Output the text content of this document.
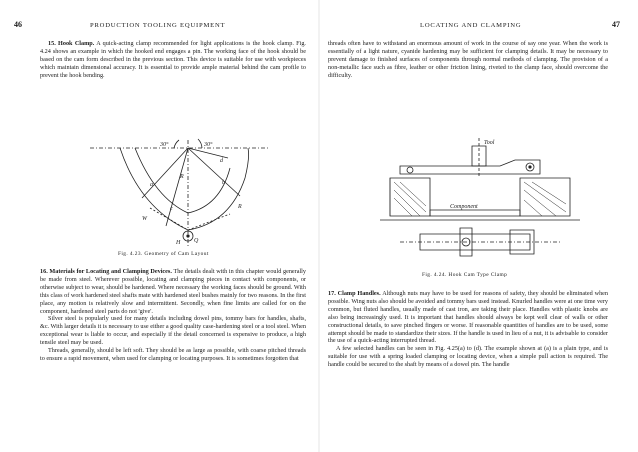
46	PRODUCTION TOOLING EQUIPMENT

15. Hook Clamp. A quick-acting clamp recommended for light applications is the hook clamp. Fig. 4.24 shows an example in which the hooked end engages a pin. The working face of the hook should be based on the cam form described in the previous section. This device is suitable for use with workpieces which maintain dimensional accuracy. It is essential to provide ample material behind the cam profile to prevent the hook bending.

30°	30°
a	b
c
d
R
R
W
Q
H
Fig. 4.23. Geometry of Cam Layout

16. Materials for Locating and Clamping Devices. The details dealt with in this chapter would generally be made from steel. Wherever possible, locating and clamping pieces in contact with components, or otherwise subject to wear, should be hardened. Where necessary the working faces should be ground. With this class of work hardened steel shafts mate with hardened steel bushes mainly for two reasons. In the first place, any motion is relatively slow and intermittent. Secondly, when fine limits are called for on the component, hardened steel parts do not 'give'.

Silver steel is popularly used for many details including dowel pins, tommy bars for handles, shafts, &c. With larger details it is necessary to use either a good quality case-hardening steel or a tool steel. When exceptional wear is liable to occur, and especially if the detail concerned is expensive to produce, a high tensile steel may be used.

Threads, generally, should be left soft. They should be as large as possible, with coarse pitched threads to ensure a rapid movement, when used for clamping or locating purposes. It is sometimes forgotten that

LOCATING AND CLAMPING	47

threads often have to withstand an enormous amount of work in the course of say one year. When the work is essentially of a light nature, cyanide hardening may be sufficient for clamping details. It may be necessary to prevent damage to finished surfaces of components through normal methods of clamping. The provision of a non-metallic face such as fibre, leather or other friction lining, riveted to the clamp face, should overcome the difficulty.

Tool
Component
Fig. 4.24. Hook Cam Type Clamp

17. Clamp Handles. Although nuts may have to be used for reasons of safety, they should be eliminated when possible. Wing nuts also should be avoided and tommy bars used instead. Knurled handles were at one time very common, but fluted handles, usually made of cast iron, are taking their place. Handles with plastic knobs are also being increasingly used. It is important that handles should always be kept well clear of walls or other constructional details, to save pinched fingers or worse. If reasonable quantities of handles are to be used, some attempt should be made to standardize their sizes. If the handle is used in lieu of a nut, it is advisable to consider the use of a quick-acting interrupted thread.

A few selected handles can be seen in Fig. 4.25(a) to (d). The example shown at (a) is a plain type, and is suitable for use with a spring loaded clamping or locating device, when a simple pull action is required. The handle could be secured to the shaft by means of a dowel pin. The handle
